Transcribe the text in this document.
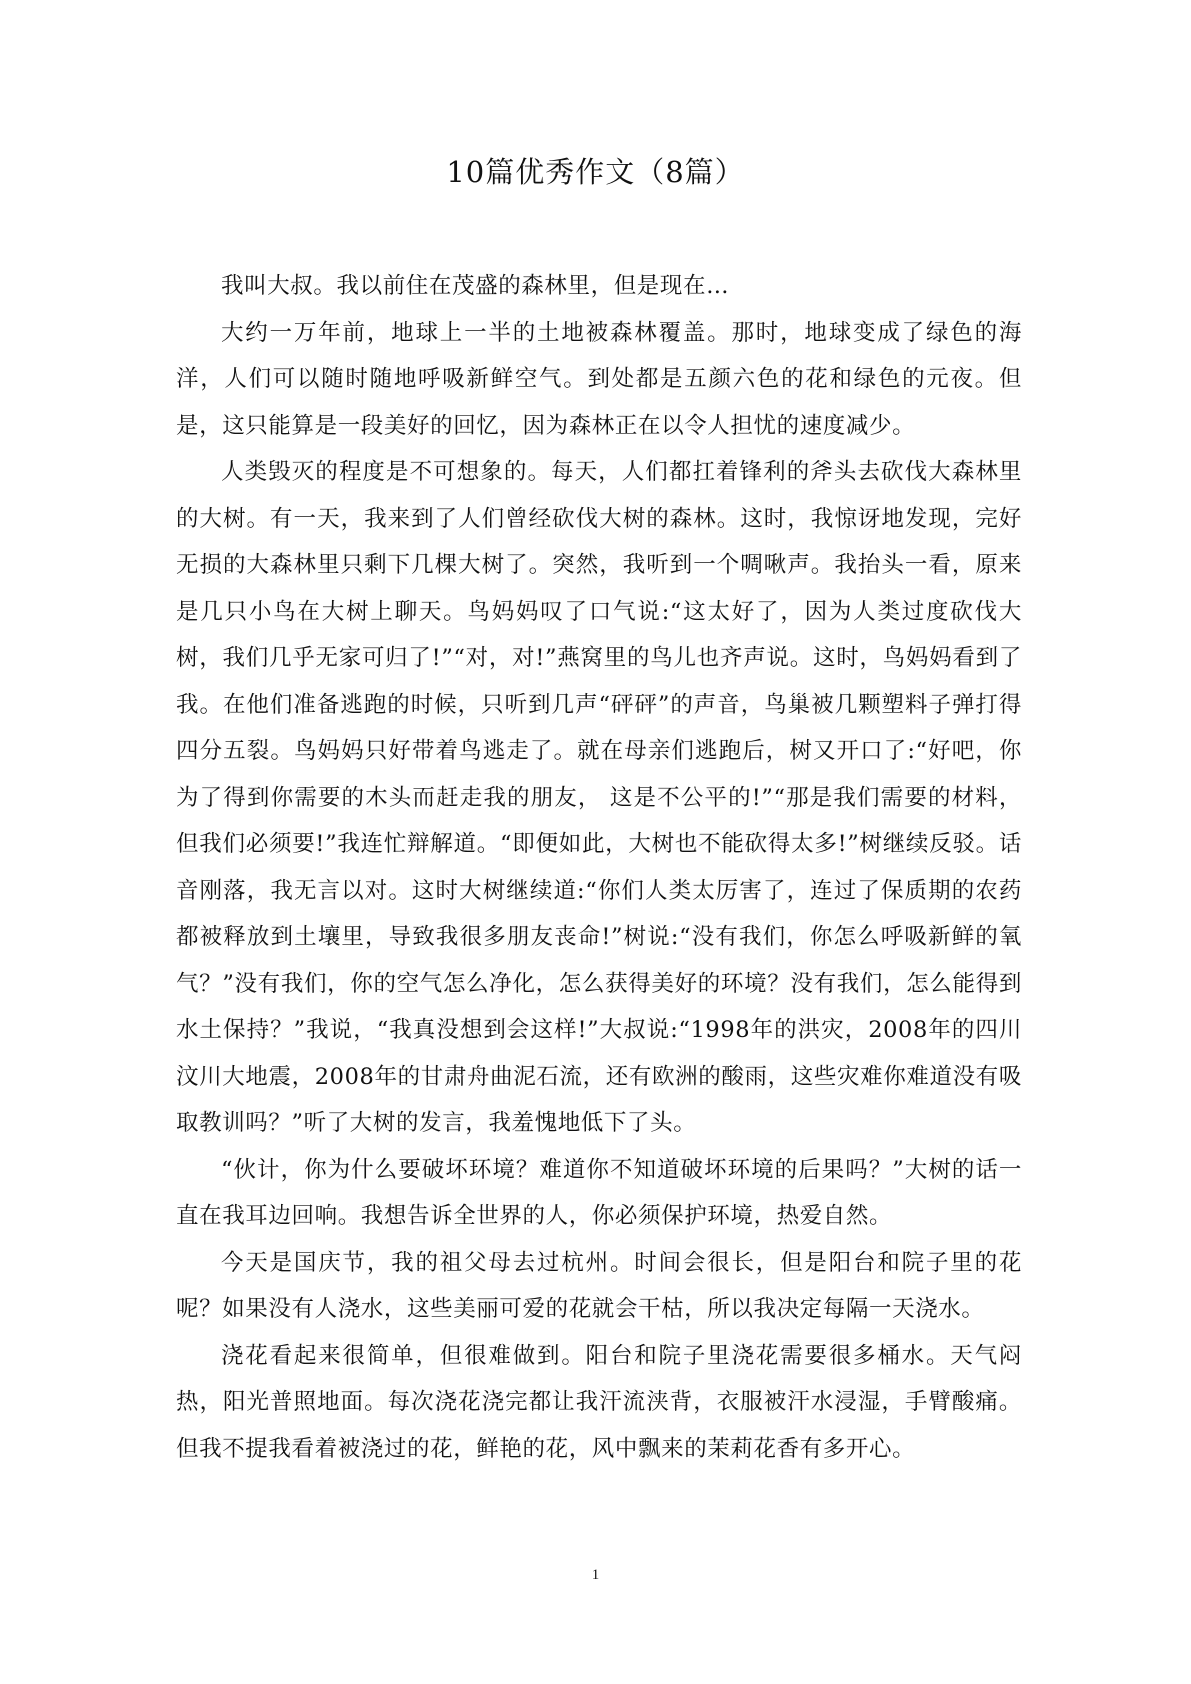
10篇优秀作文（8篇）

我叫大叔。我以前住在茂盛的森林里，但是现在…

大约一万年前，地球上一半的土地被森林覆盖。那时，地球变成了绿色的海洋，人们可以随时随地呼吸新鲜空气。到处都是五颜六色的花和绿色的元夜。但是，这只能算是一段美好的回忆，因为森林正在以令人担忧的速度减少。

人类毁灭的程度是不可想象的。每天，人们都扛着锋利的斧头去砍伐大森林里的大树。有一天，我来到了人们曾经砍伐大树的森林。这时，我惊讶地发现，完好无损的大森林里只剩下几棵大树了。突然，我听到一个啁啾声。我抬头一看，原来是几只小鸟在大树上聊天。鸟妈妈叹了口气说:“这太好了，因为人类过度砍伐大树，我们几乎无家可归了!”“对，对!”燕窝里的鸟儿也齐声说。这时，鸟妈妈看到了我。在他们准备逃跑的时候，只听到几声“砰砰”的声音，鸟巢被几颗塑料子弹打得四分五裂。鸟妈妈只好带着鸟逃走了。就在母亲们逃跑后，树又开口了:“好吧，你为了得到你需要的木头而赶走我的朋友， 这是不公平的!”“那是我们需要的材料，但我们必须要!”我连忙辩解道。“即便如此，大树也不能砍得太多!”树继续反驳。话音刚落，我无言以对。这时大树继续道:“你们人类太厉害了，连过了保质期的农药都被释放到土壤里，导致我很多朋友丧命!”树说:“没有我们，你怎么呼吸新鲜的氧气？”没有我们，你的空气怎么净化，怎么获得美好的环境？没有我们，怎么能得到水土保持？”我说，“我真没想到会这样!”大叔说:“1998年的洪灾，2008年的四川汶川大地震，2008年的甘肃舟曲泥石流，还有欧洲的酸雨，这些灾难你难道没有吸取教训吗？”听了大树的发言，我羞愧地低下了头。

“伙计，你为什么要破坏环境？难道你不知道破坏环境的后果吗？”大树的话一直在我耳边回响。我想告诉全世界的人，你必须保护环境，热爱自然。

今天是国庆节，我的祖父母去过杭州。时间会很长，但是阳台和院子里的花呢？如果没有人浇水，这些美丽可爱的花就会干枯，所以我决定每隔一天浇水。

浇花看起来很简单，但很难做到。阳台和院子里浇花需要很多桶水。天气闷热，阳光普照地面。每次浇花浇完都让我汗流浃背，衣服被汗水浸湿，手臂酸痛。但我不提我看着被浇过的花，鲜艳的花，风中飘来的茉莉花香有多开心。

1
